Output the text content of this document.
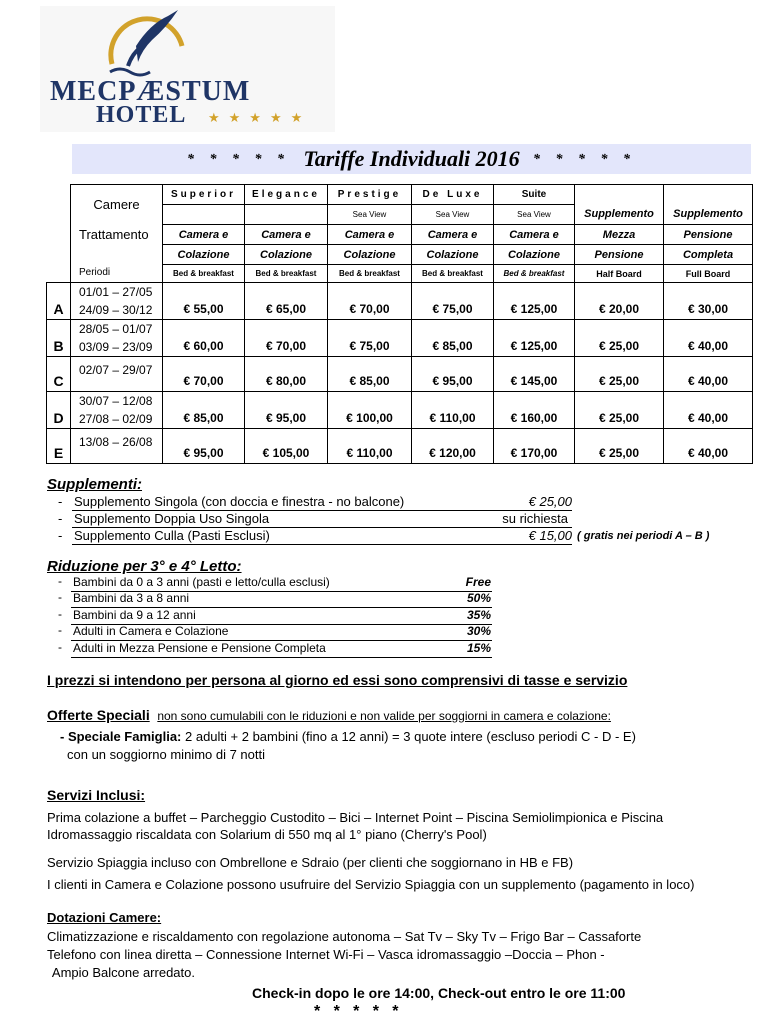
MECPÆSTUM
HOTEL ★★★★★
* * * * * Tariffe Individuali 2016 * * * * *
	Camere	Superior	Elegance	Prestige	De Luxe	Suite		
				Sea View	Sea View	Sea View	Supplemento	Supplemento
	Trattamento	Camera e	Camera e	Camera e	Camera e	Camera e	Mezza	Pensione
		Colazione	Colazione	Colazione	Colazione	Colazione	Pensione	Completa
	Periodi	Bed & breakfast	Bed & breakfast	Bed & breakfast	Bed & breakfast	Bed & breakfast	Half Board	Full Board
A	01/01 – 27/05
24/09 – 30/12	€ 55,00	€ 65,00	€ 70,00	€ 75,00	€ 125,00	€ 20,00	€ 30,00
B	28/05 – 01/07
03/09 – 23/09	€ 60,00	€ 70,00	€ 75,00	€ 85,00	€ 125,00	€ 25,00	€ 40,00
C	02/07 – 29/07	€ 70,00	€ 80,00	€ 85,00	€ 95,00	€ 145,00	€ 25,00	€ 40,00
D	30/07 – 12/08
27/08 – 02/09	€ 85,00	€ 95,00	€ 100,00	€ 110,00	€ 160,00	€ 25,00	€ 40,00
E	13/08 – 26/08	€ 95,00	€ 105,00	€ 110,00	€ 120,00	€ 170,00	€ 25,00	€ 40,00
Supplementi:
- Supplemento Singola (con doccia e finestra - no balcone)	€ 25,00
- Supplemento Doppia Uso Singola	su richiesta
- Supplemento Culla (Pasti Esclusi)	€ 15,00 ( gratis nei periodi A – B )
Riduzione per 3° e 4° Letto:
- Bambini da 0 a 3 anni (pasti e letto/culla esclusi)	Free
- Bambini da 3 a 8 anni	50%
- Bambini da 9 a 12 anni	35%
- Adulti in Camera e Colazione	30%
- Adulti in Mezza Pensione e Pensione Completa	15%
I prezzi si intendono per persona al giorno ed essi sono comprensivi di tasse e servizio
Offerte Speciali non sono cumulabili con le riduzioni e non valide per soggiorni in camera e colazione:
- Speciale Famiglia: 2 adulti + 2 bambini (fino a 12 anni) = 3 quote intere (escluso periodi C - D - E)
con un soggiorno minimo di 7 notti
Servizi Inclusi:
Prima colazione a buffet – Parcheggio Custodito – Bici – Internet Point – Piscina Semiolimpionica e Piscina
Idromassaggio riscaldata con Solarium di 550 mq al 1° piano (Cherry's Pool)
Servizio Spiaggia incluso con Ombrellone e Sdraio (per clienti che soggiornano in HB e FB)
I clienti in Camera e Colazione possono usufruire del Servizio Spiaggia con un supplemento (pagamento in loco)
Dotazioni Camere:
Climatizzazione e riscaldamento con regolazione autonoma – Sat Tv – Sky Tv – Frigo Bar – Cassaforte
Telefono con linea diretta – Connessione Internet Wi-Fi – Vasca idromassaggio –Doccia – Phon -
Ampio Balcone arredato.
Check-in dopo le ore 14:00, Check-out entro le ore 11:00
*   *   *   *   *
